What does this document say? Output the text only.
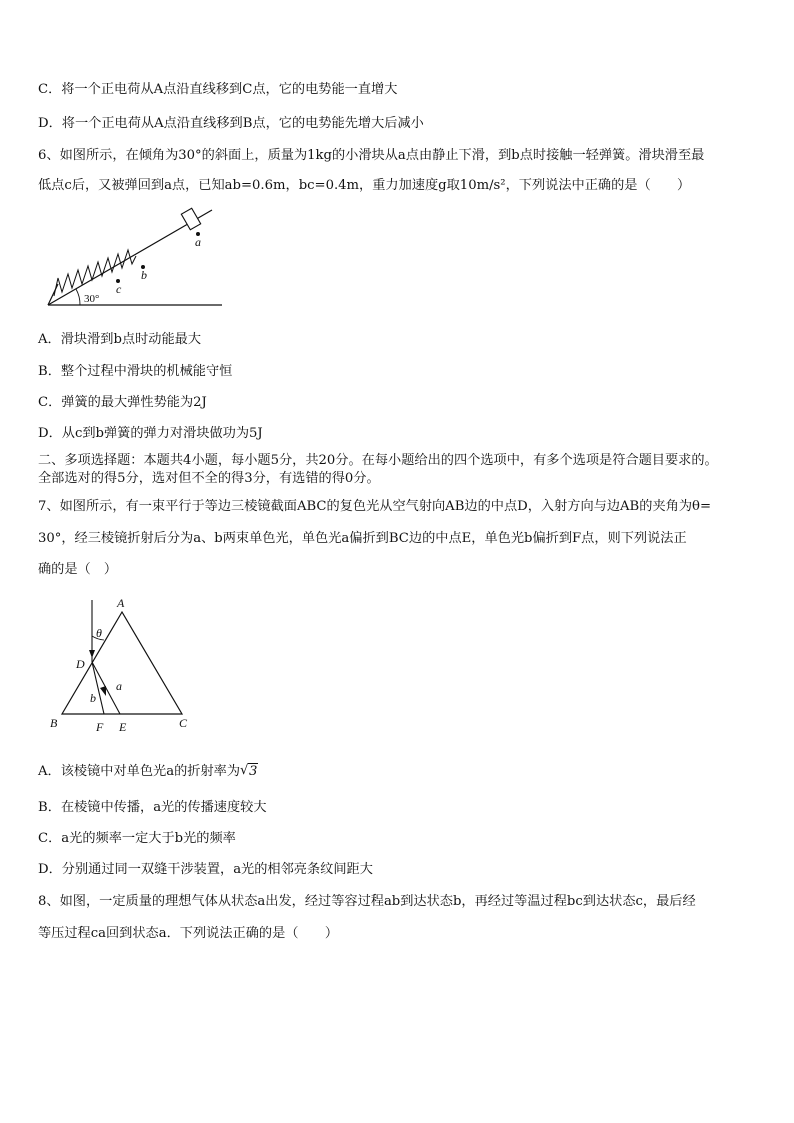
C．将一个正电荷从A点沿直线移到C点，它的电势能一直增大
D．将一个正电荷从A点沿直线移到B点，它的电势能先增大后减小
6、如图所示，在倾角为30°的斜面上，质量为1kg的小滑块从a点由静止下滑，到b点时接触一轻弹簧。滑块滑至最
低点c后，又被弹回到a点，已知ab=0.6m，bc=0.4m，重力加速度g取10m/s²，下列说法中正确的是（　　）
30°
c
b
a
A．滑块滑到b点时动能最大
B．整个过程中滑块的机械能守恒
C．弹簧的最大弹性势能为2J
D．从c到b弹簧的弹力对滑块做功为5J
二、多项选择题：本题共4小题，每小题5分，共20分。在每小题给出的四个选项中，有多个选项是符合题目要求的。
全部选对的得5分，选对但不全的得3分，有选错的得0分。
7、如图所示，有一束平行于等边三棱镜截面ABC的复色光从空气射向AB边的中点D，入射方向与边AB的夹角为θ=
30°，经三棱镜折射后分为a、b两束单色光，单色光a偏折到BC边的中点E，单色光b偏折到F点，则下列说法正
确的是（　）
θ
A
D
B	C
F E
b
a
A．该棱镜中对单色光a的折射率为 √ 3
B．在棱镜中传播，a光的传播速度较大
C．a光的频率一定大于b光的频率
D．分别通过同一双缝干涉装置，a光的相邻亮条纹间距大
8、如图，一定质量的理想气体从状态a出发，经过等容过程ab到达状态b，再经过等温过程bc到达状态c，最后经
等压过程ca回到状态a．下列说法正确的是（　　）
